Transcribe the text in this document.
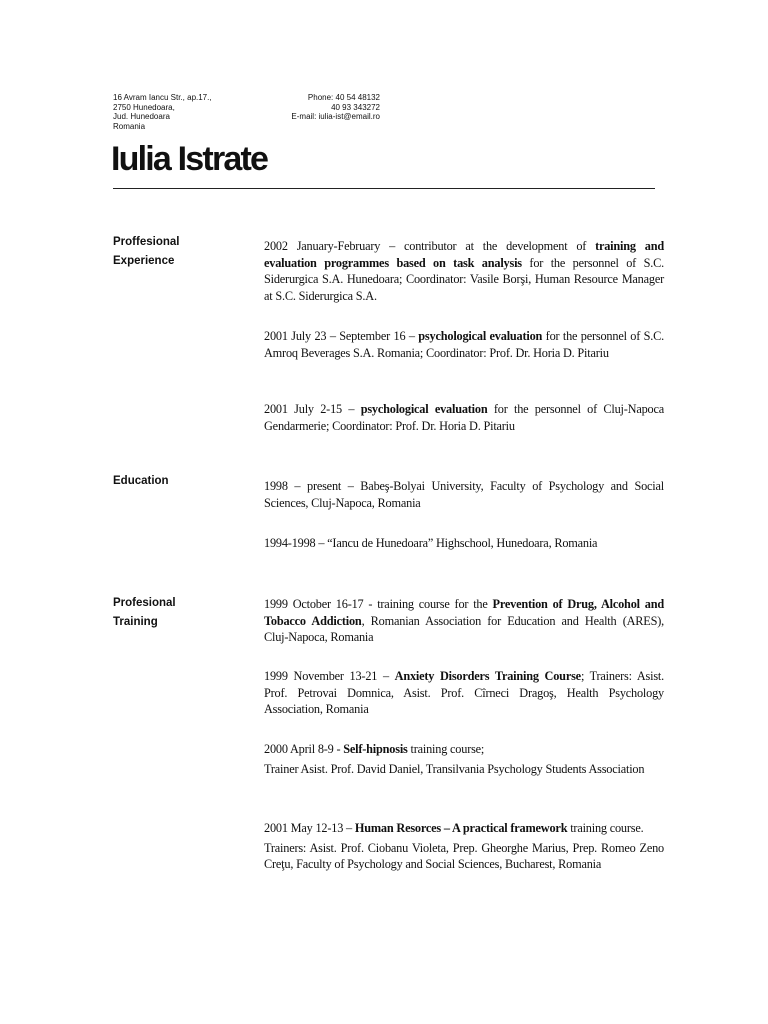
16 Avram Iancu Str., ap.17.,
2750 Hunedoara,
Jud. Hunedoara
Romania
Phone: 40 54 48132
40 93 343272
E-mail: iulia-ist@email.ro
Iulia Istrate
Proffesional Experience

2002 January-February – contributor at the development of training and evaluation programmes based on task analysis for the personnel of S.C. Siderurgica S.A. Hunedoara; Coordinator: Vasile Borşi, Human Resource Manager at S.C. Siderurgica S.A.

2001 July 23 – September 16 – psychological evaluation for the personnel of S.C. Amroq Beverages S.A. Romania; Coordinator: Prof. Dr. Horia D. Pitariu

2001 July 2-15 – psychological evaluation for the personnel of Cluj-Napoca Gendarmerie; Coordinator: Prof. Dr. Horia D. Pitariu

Education	1998 – present – Babeş-Bolyai University, Faculty of Psychology and Social Sciences, Cluj-Napoca, Romania

1994-1998 – “Iancu de Hunedoara” Highschool, Hunedoara, Romania

Profesional Training

1999 October 16-17 - training course for the Prevention of Drug, Alcohol and Tobacco Addiction, Romanian Association for Education and Health (ARES), Cluj-Napoca, Romania

1999 November 13-21 – Anxiety Disorders Training Course; Trainers: Asist. Prof. Petrovai Domnica, Asist. Prof. Cîrneci Dragoş, Health Psychology Association, Romania

2000 April 8-9 - Self-hipnosis training course;

Trainer Asist. Prof. David Daniel, Transilvania Psychology Students Association

2001 May 12-13 – Human Resorces – A practical framework training course.

Trainers: Asist. Prof. Ciobanu Violeta, Prep. Gheorghe Marius, Prep. Romeo Zeno Creţu, Faculty of Psychology and Social Sciences, Bucharest, Romania
